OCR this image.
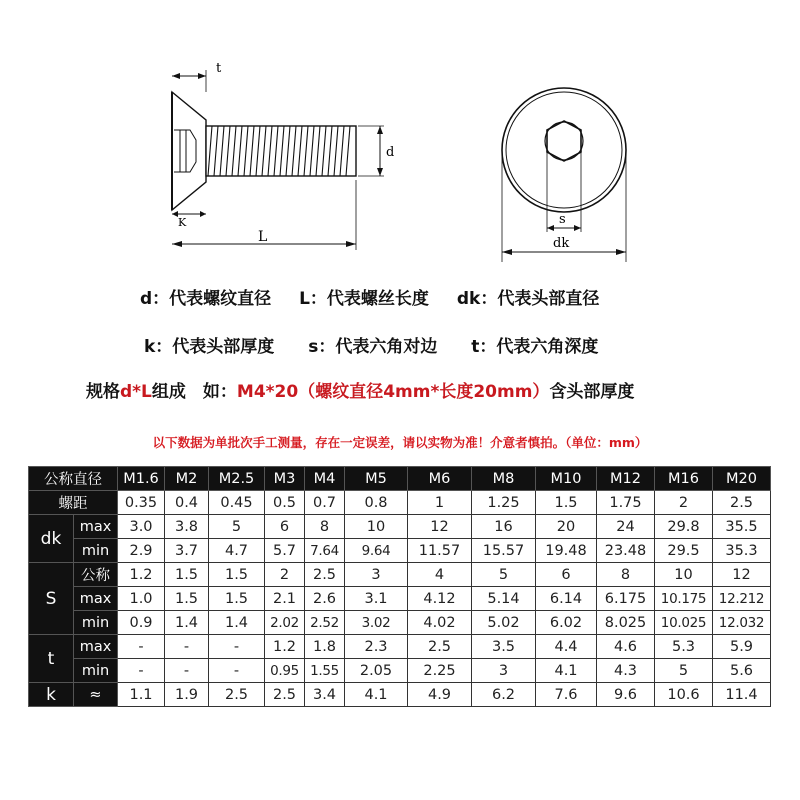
t
d
K
L
s
dk
d：代表螺纹直径 L：代表螺丝长度 dk：代表头部直径
k：代表头部厚度 s：代表六角对边 t：代表六角深度
规格d*L组成　如：M4*20（螺纹直径4mm*长度20mm）含头部厚度
以下数据为单批次手工测量，存在一定误差，请以实物为准！介意者慎拍。（单位：mm）
公称直径		M1.6	M2	M2.5	M3	M4	M5	M6	M8	M10	M12	M16	M20
螺距		0.35	0.4	0.45	0.5	0.7	0.8	1	1.25	1.5	1.75	2	2.5
dk	max	3.0	3.8	5	6	8	10	12	16	20	24	29.8	35.5
	min	2.9	3.7	4.7	5.7	7.64	9.64	11.57	15.57	19.48	23.48	29.5	35.3
S	公称	1.2	1.5	1.5	2	2.5	3	4	5	6	8	10	12
	max	1.0	1.5	1.5	2.1	2.6	3.1	4.12	5.14	6.14	6.175	10.175	12.212
	min	0.9	1.4	1.4	2.02	2.52	3.02	4.02	5.02	6.02	8.025	10.025	12.032
t	max	-	-	-	1.2	1.8	2.3	2.5	3.5	4.4	4.6	5.3	5.9
	min	-	-	-	0.95	1.55	2.05	2.25	3	4.1	4.3	5	5.6
k	≈	1.1	1.9	2.5	2.5	3.4	4.1	4.9	6.2	7.6	9.6	10.6	11.4
